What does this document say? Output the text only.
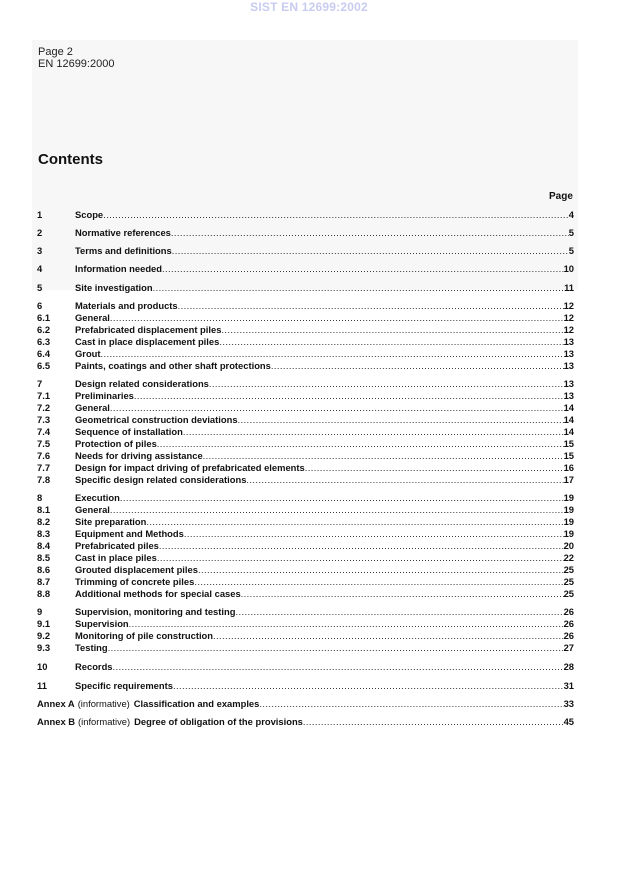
SIST EN 12699:2002
Page 2
EN 12699:2000
Contents
Page
1	Scope .....	4
2	Normative references .....	5
3	Terms and definitions .....	5
4	Information needed .....	10
5	Site investigation .....	11
6	Materials and products .....	12
6.1	General .....	12
6.2	Prefabricated displacement piles .....	12
6.3	Cast in place displacement piles .....	13
6.4	Grout .....	13
6.5	Paints, coatings and other shaft protections .....	13
7	Design related considerations .....	13
7.1	Preliminaries .....	13
7.2	General .....	14
7.3	Geometrical construction deviations .....	14
7.4	Sequence of installation .....	14
7.5	Protection of piles .....	15
7.6	Needs for driving assistance .....	15
7.7	Design for impact driving of prefabricated elements .....	16
7.8	Specific design related considerations .....	17
8	Execution .....	19
8.1	General .....	19
8.2	Site preparation .....	19
8.3	Equipment and Methods .....	19
8.4	Prefabricated piles .....	20
8.5	Cast in place piles .....	22
8.6	Grouted displacement piles .....	25
8.7	Trimming of concrete piles .....	25
8.8	Additional methods for special cases .....	25
9	Supervision, monitoring and testing .....	26
9.1	Supervision .....	26
9.2	Monitoring of pile construction .....	26
9.3	Testing .....	27
10	Records .....	28
11	Specific requirements .....	31
Annex A (informative) Classification and examples .....	33
Annex B (informative) Degree of obligation of the provisions .....	45
